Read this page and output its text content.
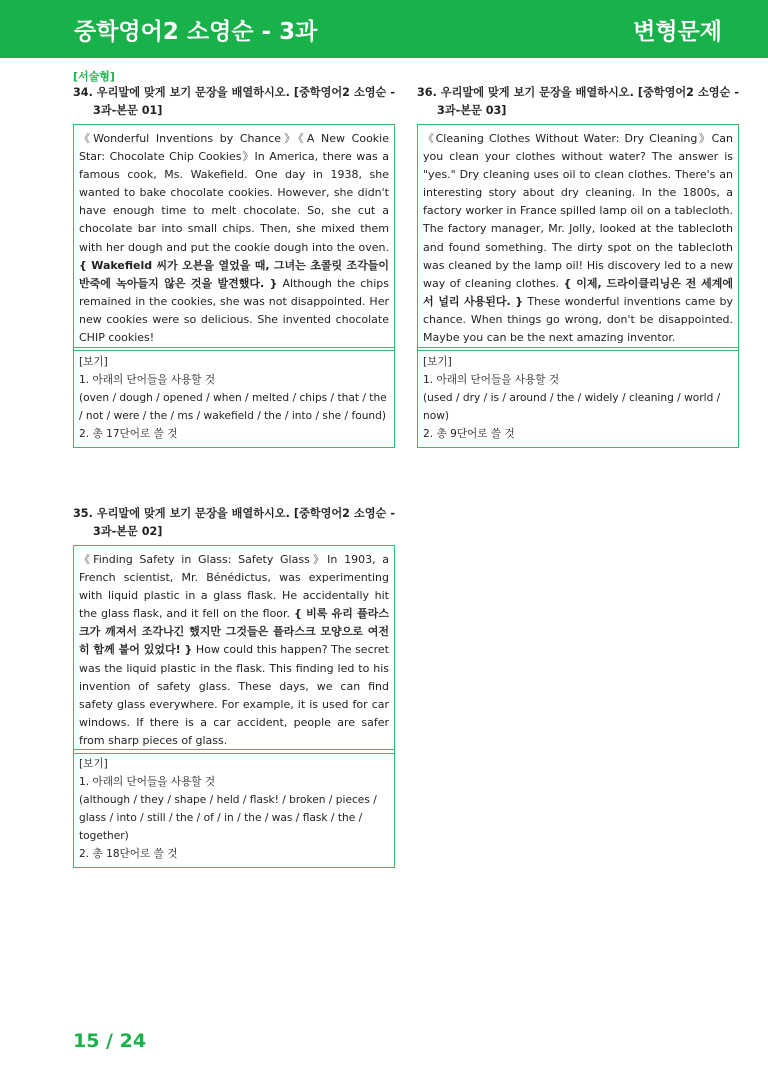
중학영어2 소영순 - 3과	변형문제
[서술형]
34. 우리말에 맞게 보기 문장을 배열하시오. [중학영어2 소영순 - 3과-본문 01]
《Wonderful Inventions by Chance》《A New Cookie Star: Chocolate Chip Cookies》In America, there was a famous cook, Ms. Wakefield. One day in 1938, she wanted to bake chocolate cookies. However, she didn't have enough time to melt chocolate. So, she cut a chocolate bar into small chips. Then, she mixed them with her dough and put the cookie dough into the oven. { Wakefield 씨가 오븐을 열었을 때, 그녀는 초콜릿 조각들이 반죽에 녹아들지 않은 것을 발견했다. } Although the chips remained in the cookies, she was not disappointed. Her new cookies were so delicious. She invented chocolate CHIP cookies!
[보기]
1. 아래의 단어들을 사용할 것
(oven / dough / opened / when / melted / chips / that / the / not / were / the / ms / wakefield / the / into / she / found)
2. 총 17단어로 쓸 것
35. 우리말에 맞게 보기 문장을 배열하시오. [중학영어2 소영순 - 3과-본문 02]
《Finding Safety in Glass: Safety Glass》In 1903, a French scientist, Mr. Bénédictus, was experimenting with liquid plastic in a glass flask. He accidentally hit the glass flask, and it fell on the floor. { 비록 유리 플라스크가 깨져서 조각나긴 했지만 그것들은 플라스크 모양으로 여전히 함께 붙어 있었다! } How could this happen? The secret was the liquid plastic in the flask. This finding led to his invention of safety glass. These days, we can find safety glass everywhere. For example, it is used for car windows. If there is a car accident, people are safer from sharp pieces of glass.
[보기]
1. 아래의 단어들을 사용할 것
(although / they / shape / held / flask! / broken / pieces / glass / into / still / the / of / in / the / was / flask / the / together)
2. 총 18단어로 쓸 것
36. 우리말에 맞게 보기 문장을 배열하시오. [중학영어2 소영순 - 3과-본문 03]
《Cleaning Clothes Without Water: Dry Cleaning》Can you clean your clothes without water? The answer is "yes." Dry cleaning uses oil to clean clothes. There's an interesting story about dry cleaning. In the 1800s, a factory worker in France spilled lamp oil on a tablecloth. The factory manager, Mr. Jolly, looked at the tablecloth and found something. The dirty spot on the tablecloth was cleaned by the lamp oil! His discovery led to a new way of cleaning clothes. { 이제, 드라이클리닝은 전 세계에서 널리 사용된다. } These wonderful inventions came by chance. When things go wrong, don't be disappointed. Maybe you can be the next amazing inventor.
[보기]
1. 아래의 단어들을 사용할 것
(used / dry / is / around / the / widely / cleaning / world / now)
2. 총 9단어로 쓸 것
15 / 24
